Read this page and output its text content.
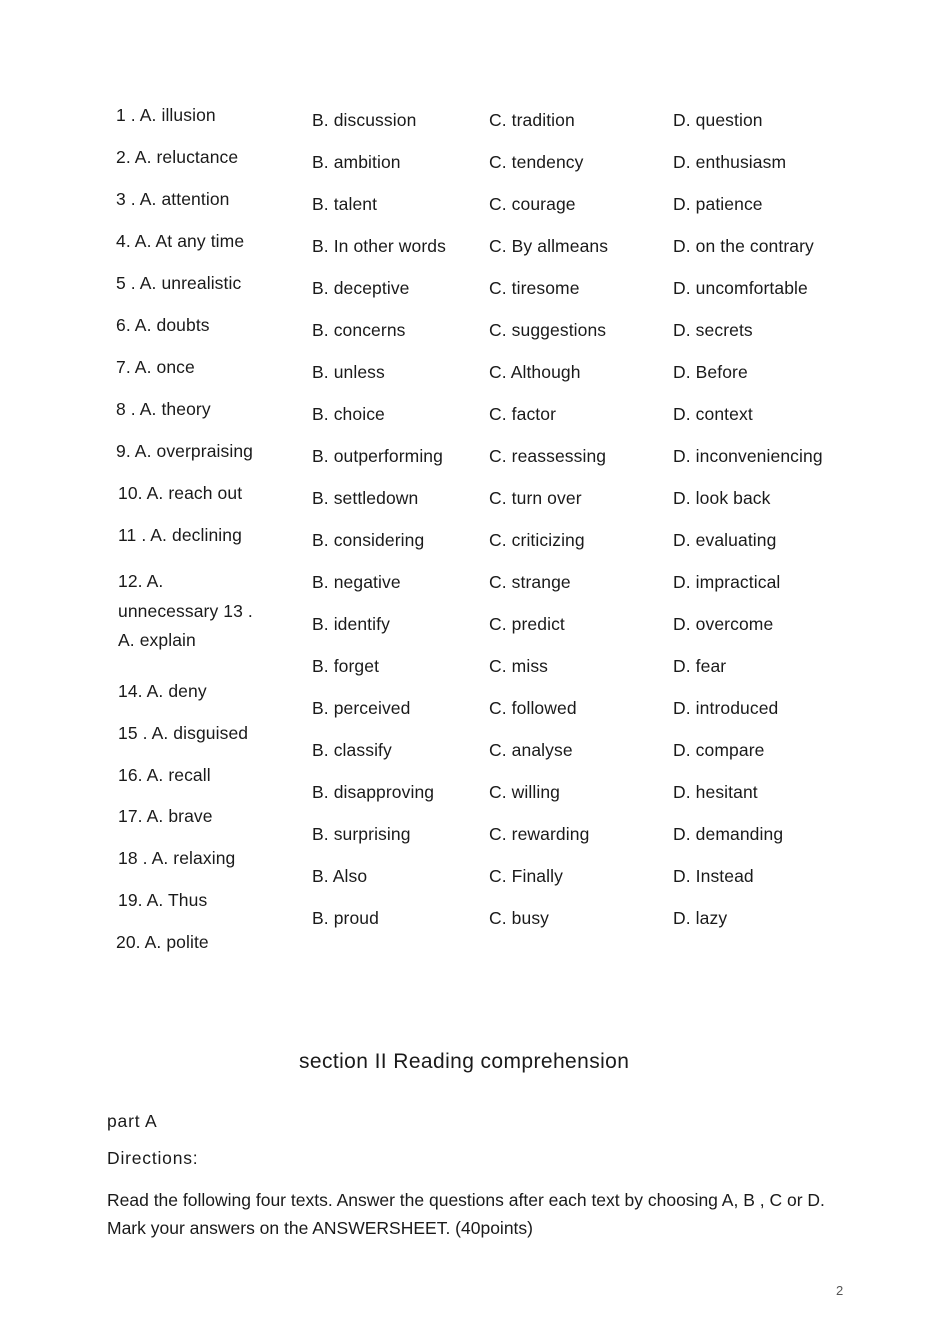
1 . A. illusion
2. A. reluctance
3 . A. attention
4. A. At any time
5 . A. unrealistic
6. A. doubts
7. A. once
8 . A. theory
9. A. overpraising
10. A. reach out
11 . A. declining
12. A.
unnecessary 13 .
A. explain
14. A. deny
15 . A. disguised
16. A. recall
17. A. brave
18 . A. relaxing
19. A. Thus
20. A. polite
B. discussion
B. ambition
B. talent
B. In other words
B. deceptive
B. concerns
B. unless
B. choice
B. outperforming
B. settledown
B. considering
B. negative
B. identify
B. forget
B. perceived
B. classify
B. disapproving
B. surprising
B. Also
B. proud
C. tradition
C. tendency
C. courage
C. By allmeans
C. tiresome
C. suggestions
C. Although
C. factor
C. reassessing
C. turn over
C. criticizing
C. strange
C. predict
C. miss
C. followed
C. analyse
C. willing
C. rewarding
C. Finally
C. busy
D. question
D. enthusiasm
D. patience
D. on the contrary
D. uncomfortable
D. secrets
D. Before
D. context
D. inconveniencing
D. look back
D. evaluating
D. impractical
D. overcome
D. fear
D. introduced
D. compare
D. hesitant
D. demanding
D. Instead
D. lazy
section II Reading comprehension
part A
Directions:
Read the following four texts. Answer the questions after each text by choosing A, B , C or D. Mark your answers on the ANSWERSHEET. (40points)
2
